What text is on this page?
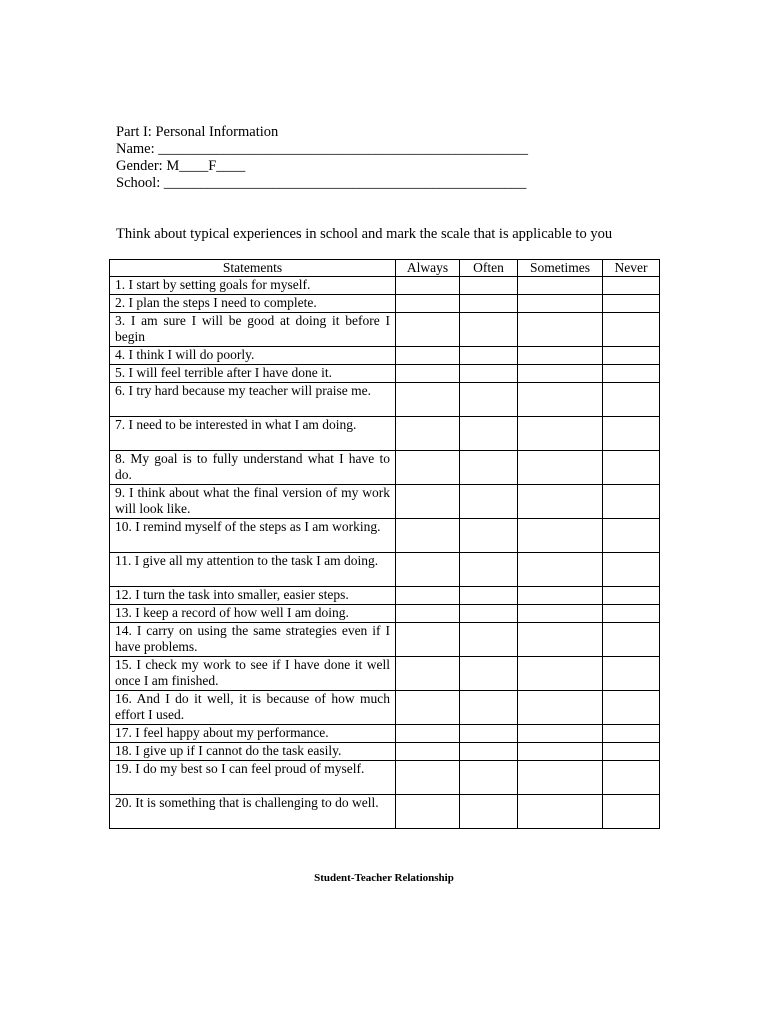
Part I: Personal Information
Name: ___________________________________________________
Gender: M____F____
School: __________________________________________________
Think about typical experiences in school and mark the scale that is applicable to you
Statements	Always	Often	Sometimes	Never
1. I start by setting goals for myself.				
2. I plan the steps I need to complete.				
3. I am sure I will be good at doing it before I begin				
4. I think I will do poorly.				
5. I will feel terrible after I have done it.				
6. I try hard because my teacher will praise me.				
7. I need to be interested in what I am doing.				
8. My goal is to fully understand what I have to do.				
9. I think about what the final version of my work will look like.				
10. I remind myself of the steps as I am working.				
11. I give all my attention to the task I am doing.				
12. I turn the task into smaller, easier steps.				
13. I keep a record of how well I am doing.				
14. I carry on using the same strategies even if I have problems.				
15. I check my work to see if I have done it well once I am finished.				
16. And I do it well, it is because of how much effort I used.				
17. I feel happy about my performance.				
18. I give up if I cannot do the task easily.				
19. I do my best so I can feel proud of myself.				
20. It is something that is challenging to do well.				
Student-Teacher Relationship
